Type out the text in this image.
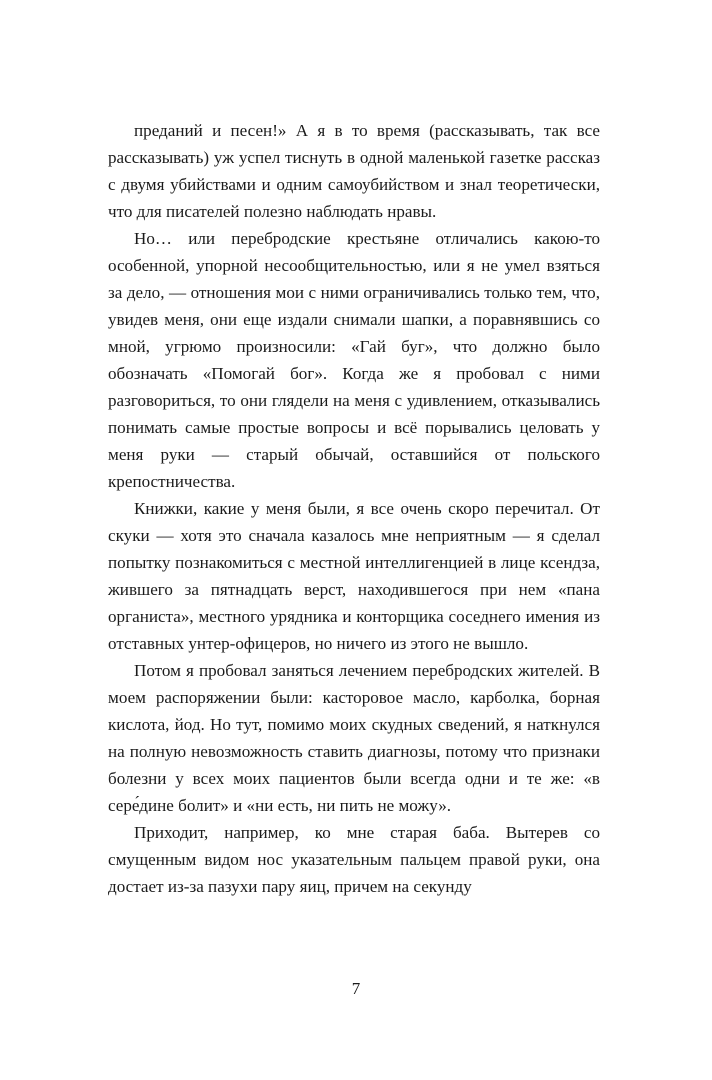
преданий и песен!» А я в то время (рассказывать, так все рассказывать) уж успел тиснуть в одной маленькой газетке рассказ с двумя убийствами и одним самоубийством и знал теоретически, что для писателей полезно наблюдать нравы.

Но… или перебродские крестьяне отличались какою-то особенной, упорной несообщительностью, или я не умел взяться за дело, — отношения мои с ними ограничивались только тем, что, увидев меня, они еще издали снимали шапки, а поравнявшись со мной, угрюмо произносили: «Гай буг», что должно было обозначать «Помогай бог». Когда же я пробовал с ними разговориться, то они глядели на меня с удивлением, отказывались понимать самые простые вопросы и всё порывались целовать у меня руки — старый обычай, оставшийся от польского крепостничества.

Книжки, какие у меня были, я все очень скоро перечитал. От скуки — хотя это сначала казалось мне неприятным — я сделал попытку познакомиться с местной интеллигенцией в лице ксендза, жившего за пятнадцать верст, находившегося при нем «пана органиста», местного урядника и конторщика соседнего имения из отставных унтер-офицеров, но ничего из этого не вышло.

Потом я пробовал заняться лечением перебродских жителей. В моем распоряжении были: касторовое масло, карболка, борная кислота, йод. Но тут, помимо моих скудных сведений, я наткнулся на полную невозможность ставить диагнозы, потому что признаки болезни у всех моих пациентов были всегда одни и те же: «в сере́дине болит» и «ни есть, ни пить не можу».

Приходит, например, ко мне старая баба. Вытерев со смущенным видом нос указательным пальцем правой руки, она достает из-за пазухи пару яиц, причем на секунду

7
